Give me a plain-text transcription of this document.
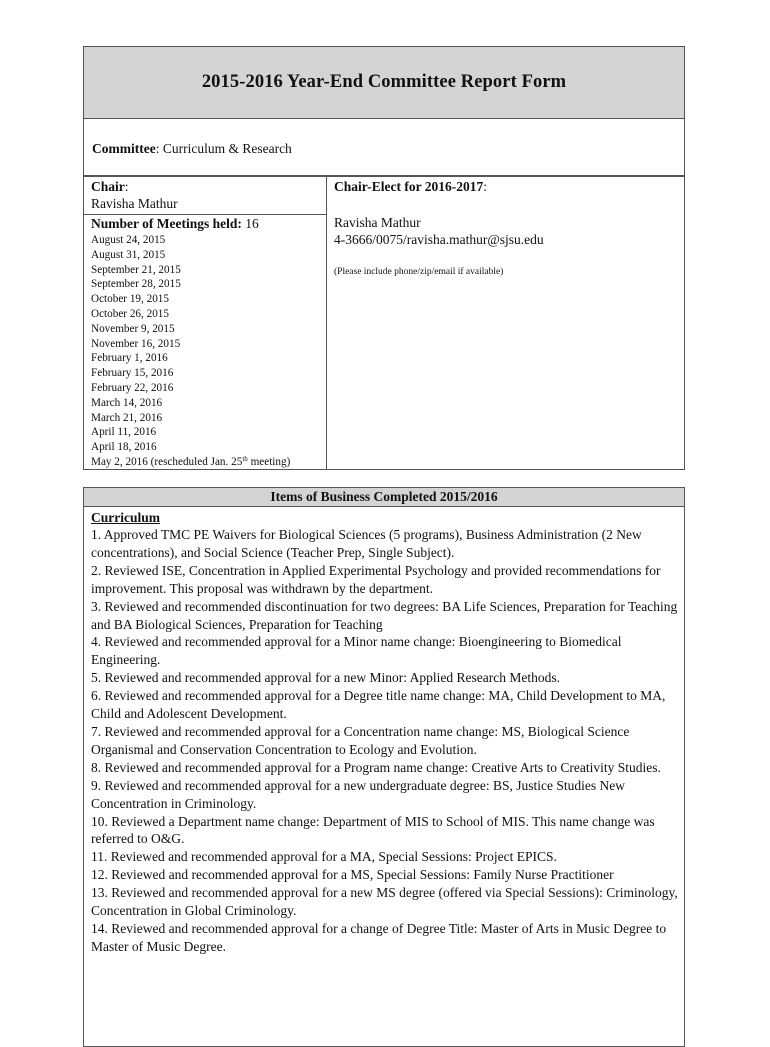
2015-2016 Year-End Committee Report Form
Committee: Curriculum & Research
Chair:
Ravisha Mathur
Number of Meetings held: 16
August 24, 2015
August 31, 2015
September 21, 2015
September 28, 2015
October 19, 2015
October 26, 2015
November 9, 2015
November 16, 2015
February 1, 2016
February 15, 2016
February 22, 2016
March 14, 2016
March 21, 2016
April 11, 2016
April 18, 2016
May 2, 2016 (rescheduled Jan. 25th meeting)
Chair-Elect for 2016-2017:
Ravisha Mathur
4-3666/0075/ravisha.mathur@sjsu.edu
(Please include phone/zip/email if available)
Items of Business Completed 2015/2016
Curriculum
1. Approved TMC PE Waivers for Biological Sciences (5 programs), Business Administration (2 New concentrations), and Social Science (Teacher Prep, Single Subject).
2. Reviewed ISE, Concentration in Applied Experimental Psychology and provided recommendations for improvement. This proposal was withdrawn by the department.
3. Reviewed and recommended discontinuation for two degrees: BA Life Sciences, Preparation for Teaching and BA Biological Sciences, Preparation for Teaching
4. Reviewed and recommended approval for a Minor name change: Bioengineering to Biomedical Engineering.
5. Reviewed and recommended approval for a new Minor: Applied Research Methods.
6. Reviewed and recommended approval for a Degree title name change: MA, Child Development to MA, Child and Adolescent Development.
7. Reviewed and recommended approval for a Concentration name change: MS, Biological Science Organismal and Conservation Concentration to Ecology and Evolution.
8. Reviewed and recommended approval for a Program name change: Creative Arts to Creativity Studies.
9. Reviewed and recommended approval for a new undergraduate degree: BS, Justice Studies New Concentration in Criminology.
10. Reviewed a Department name change: Department of MIS to School of MIS. This name change was referred to O&G.
11. Reviewed and recommended approval for a MA, Special Sessions: Project EPICS.
12. Reviewed and recommended approval for a MS, Special Sessions: Family Nurse Practitioner
13. Reviewed and recommended approval for a new MS degree (offered via Special Sessions): Criminology, Concentration in Global Criminology.
14. Reviewed and recommended approval for a change of Degree Title: Master of Arts in Music Degree to Master of Music Degree.
